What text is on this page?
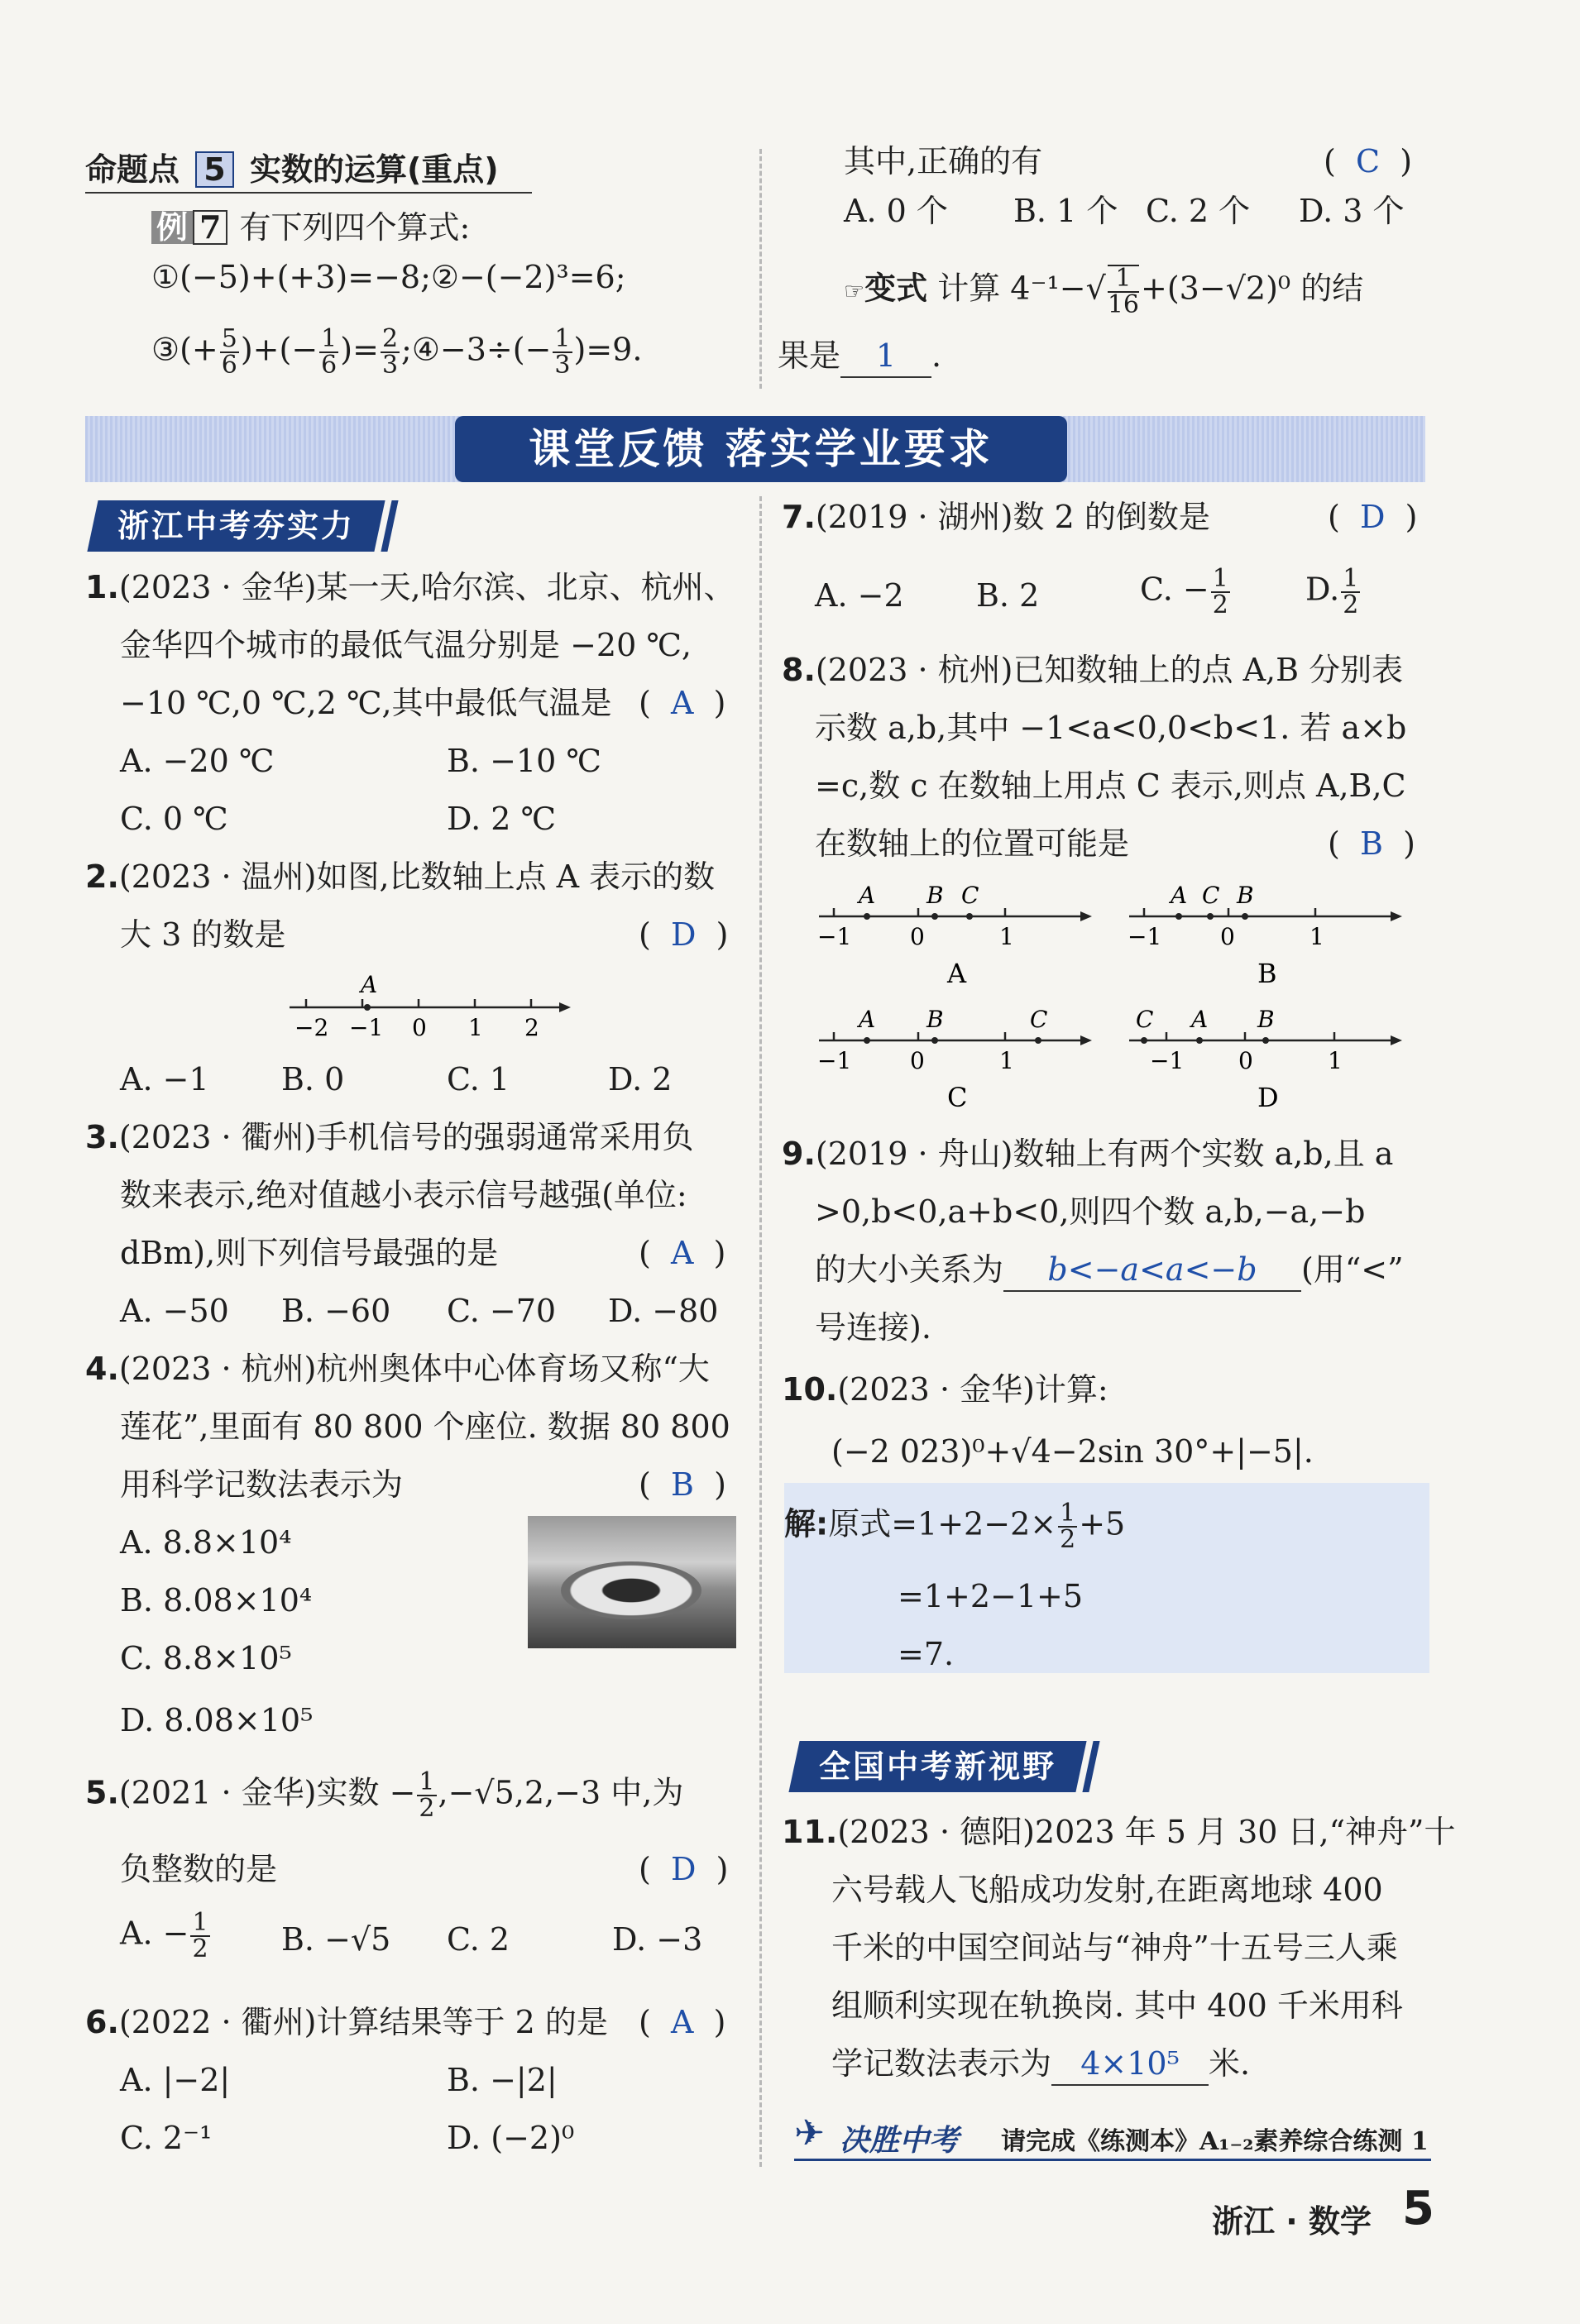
命题点 5 实数的运算(重点)
例 7 有下列四个算式:
①(−5)+(+3)=−8;②−(−2)³=6;
③(+ $\frac{5}{6}$ )+(− $\frac{1}{6}$ )= $\frac{2}{3}$ ;④−3÷(− $\frac{1}{3} )=9$.
其中,正确的有	(  C  )
A. 0 个 B. 1 个 C. 2 个 D. 3 个
☞变式 计算 $4^{-1}-√ \frac{1}{16} +(3-√2)^0$ 的结
果是 1 .
课堂反馈 落实学业要求
浙江中考夯实力
1.(2023 · 金华)某一天,哈尔滨、北京、杭州、
金华四个城市的最低气温分别是 −20 ℃,
−10 ℃,0 ℃,2 ℃,其中最低气温是 (  A  )
A. −20 ℃	B. −10 ℃
C. 0 ℃	D. 2 ℃
2.(2023 · 温州)如图,比数轴上点 A 表示的数
大 3 的数是	(  D  )
A
−2 −1 0 1 2
A. −1 B. 0	C. 1	D. 2
3.(2023 · 衢州)手机信号的强弱通常采用负
数来表示,绝对值越小表示信号越强(单位:
dBm),则下列信号最强的是	(  A  )
A. −50 B. −60 C. −70 D. −80
4.(2023 · 杭州)杭州奥体中心体育场又称“大
莲花”,里面有 80 800 个座位. 数据 80 800
用科学记数法表示为	(  B  )
A. 8.8×10⁴
B. 8.08×10⁴
C. 8.8×10⁵
D. 8.08×10⁵
5.(2021 · 金华)实数 − $\frac{1}{2} ,-√5,2,-3$ 中,为
负整数的是	(  D  )
A. − $\frac{1}{2} B$. −√5 C. 2	D. −3
6.(2022 · 衢州)计算结果等于 2 的是 (  A  )
A. |−2|	B. −|2|
C. 2⁻¹	D. (−2)⁰
7.(2019 · 湖州)数 2 的倒数是	(  D  )
A. −2 B. 2	C. − $\frac{1}{2} D$. $\frac{1}{2}$
8.(2023 · 杭州)已知数轴上的点 A,B 分别表
示数 a,b,其中 −1<a<0,0<b<1. 若 a×b
=c,数 c 在数轴上用点 C 表示,则点 A,B,C
在数轴上的位置可能是	(  B  )
A B C
−1	0	1
A
A C B
−1	0	1
B
A B	C
−1	0	1
C
C A B
−1 0	1
D
9.(2019 · 舟山)数轴上有两个实数 a,b,且 a
>0,b<0,a+b<0,则四个数 a,b,−a,−b
的大小关系为 b<−a<a<−b (用“<”
号连接).
10.(2023 · 金华)计算:
(−2 023)⁰+√4−2sin 30°+|−5|.
解:原式$=1+2-2\times \frac{1}{2} +5$
=1+2−1+5
=7.
全国中考新视野
11.(2023 · 德阳)2023 年 5 月 30 日,“神舟”十
六号载人飞船成功发射,在距离地球 400
千米的中国空间站与“神舟”十五号三人乘
组顺利实现在轨换岗. 其中 400 千米用科
学记数法表示为 4×10⁵ 米.
✈ 决胜中考 请完成《练测本》A₁₋₂素养综合练测 1
浙江 · 数学 5
